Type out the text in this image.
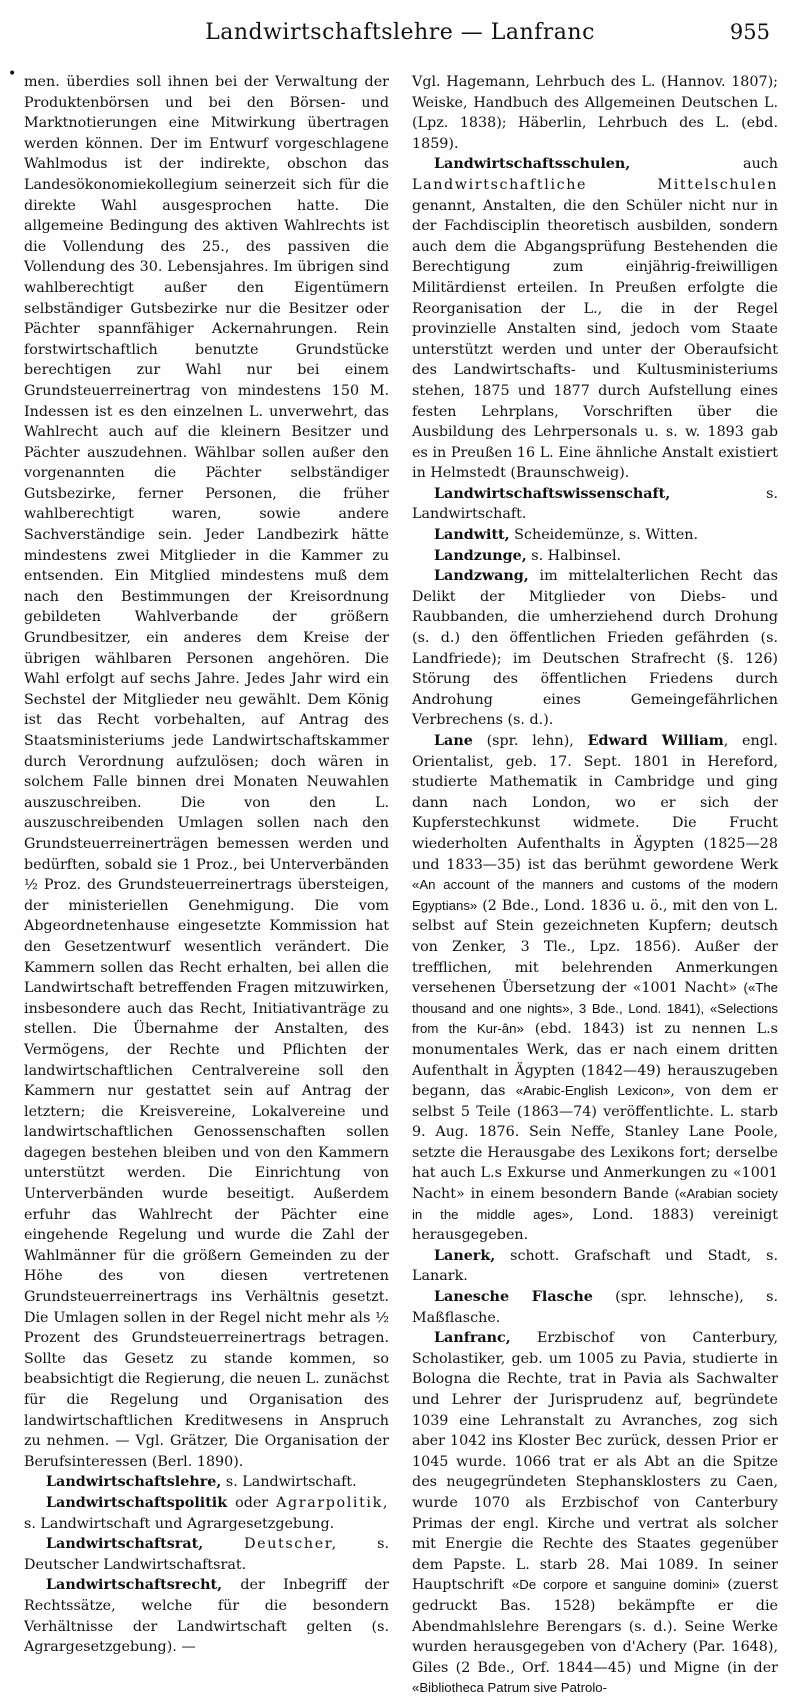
Landwirtschaftslehre — Lanfranc	955
• men. überdies soll ihnen bei der Verwaltung der Produktenbörsen und bei den Börsen- und Marktnotierungen eine Mitwirkung übertragen werden können. Der im Entwurf vorgeschlagene Wahlmodus ist der indirekte, obschon das Landesökonomiekollegium seinerzeit sich für die direkte Wahl ausgesprochen hatte. Die allgemeine Bedingung des aktiven Wahlrechts ist die Vollendung des 25., des passiven die Vollendung des 30. Lebensjahres. Im übrigen sind wahlberechtigt außer den Eigentümern selbständiger Gutsbezirke nur die Besitzer oder Pächter spannfähiger Ackernahrungen. Rein forstwirtschaftlich benutzte Grundstücke berechtigen zur Wahl nur bei einem Grundsteuerreinertrag von mindestens 150 M. Indessen ist es den einzelnen L. unverwehrt, das Wahlrecht auch auf die kleinern Besitzer und Pächter auszudehnen. Wählbar sollen außer den vorgenannten die Pächter selbständiger Gutsbezirke, ferner Personen, die früher wahlberechtigt waren, sowie andere Sachverständige sein. Jeder Landbezirk hätte mindestens zwei Mitglieder in die Kammer zu entsenden. Ein Mitglied mindestens muß dem nach den Bestimmungen der Kreisordnung gebildeten Wahlverbande der größern Grundbesitzer, ein anderes dem Kreise der übrigen wählbaren Personen angehören. Die Wahl erfolgt auf sechs Jahre. Jedes Jahr wird ein Sechstel der Mitglieder neu gewählt. Dem König ist das Recht vorbehalten, auf Antrag des Staatsministeriums jede Landwirtschaftskammer durch Verordnung aufzulösen; doch wären in solchem Falle binnen drei Monaten Neuwahlen auszuschreiben. Die von den L. auszuschreibenden Umlagen sollen nach den Grundsteuerreinerträgen bemessen werden und bedürften, sobald sie 1 Proz., bei Unterverbänden ½ Proz. des Grundsteuerreinertrags übersteigen, der ministeriellen Genehmigung. Die vom Abgeordnetenhause eingesetzte Kommission hat den Gesetzentwurf wesentlich verändert. Die Kammern sollen das Recht erhalten, bei allen die Landwirtschaft betreffenden Fragen mitzuwirken, insbesondere auch das Recht, Initiativanträge zu stellen. Die Übernahme der Anstalten, des Vermögens, der Rechte und Pflichten der landwirtschaftlichen Centralvereine soll den Kammern nur gestattet sein auf Antrag der letztern; die Kreisvereine, Lokalvereine und landwirtschaftlichen Genossenschaften sollen dagegen bestehen bleiben und von den Kammern unterstützt werden. Die Einrichtung von Unterverbänden wurde beseitigt. Außerdem erfuhr das Wahlrecht der Pächter eine eingehende Regelung und wurde die Zahl der Wahlmänner für die größern Gemeinden zu der Höhe des von diesen vertretenen Grundsteuerreinertrags ins Verhältnis gesetzt. Die Umlagen sollen in der Regel nicht mehr als ½ Prozent des Grundsteuerreinertrags betragen. Sollte das Gesetz zu stande kommen, so beabsichtigt die Regierung, die neuen L. zunächst für die Regelung und Organisation des landwirtschaftlichen Kreditwesens in Anspruch zu nehmen. — Vgl. Grätzer, Die Organisation der Berufsinteressen (Berl. 1890).

Landwirtschaftslehre, s. Landwirtschaft.

Landwirtschaftspolitik oder Agrarpolitik, s. Landwirtschaft und Agrargesetzgebung.

Landwirtschaftsrat, Deutscher, s. Deutscher Landwirtschaftsrat.

Landwirtschaftsrecht, der Inbegriff der Rechtssätze, welche für die besondern Verhältnisse der Landwirtschaft gelten (s. Agrargesetzgebung). —

Vgl. Hagemann, Lehrbuch des L. (Hannov. 1807); Weiske, Handbuch des Allgemeinen Deutschen L. (Lpz. 1838); Häberlin, Lehrbuch des L. (ebd. 1859).

Landwirtschaftsschulen, auch Landwirtschaftliche Mittelschulen genannt, Anstalten, die den Schüler nicht nur in der Fachdisciplin theoretisch ausbilden, sondern auch dem die Abgangsprüfung Bestehenden die Berechtigung zum einjährig-freiwilligen Militärdienst erteilen. In Preußen erfolgte die Reorganisation der L., die in der Regel provinzielle Anstalten sind, jedoch vom Staate unterstützt werden und unter der Oberaufsicht des Landwirtschafts- und Kultusministeriums stehen, 1875 und 1877 durch Aufstellung eines festen Lehrplans, Vorschriften über die Ausbildung des Lehrpersonals u. s. w. 1893 gab es in Preußen 16 L. Eine ähnliche Anstalt existiert in Helmstedt (Braunschweig).

Landwirtschaftswissenschaft, s. Landwirtschaft.

Landwitt, Scheidemünze, s. Witten.

Landzunge, s. Halbinsel.

Landzwang, im mittelalterlichen Recht das Delikt der Mitglieder von Diebs- und Raubbanden, die umherziehend durch Drohung (s. d.) den öffentlichen Frieden gefährden (s. Landfriede); im Deutschen Strafrecht (§. 126) Störung des öffentlichen Friedens durch Androhung eines Gemeingefährlichen Verbrechens (s. d.).

Lane (spr. lehn), Edward William, engl. Orientalist, geb. 17. Sept. 1801 in Hereford, studierte Mathematik in Cambridge und ging dann nach London, wo er sich der Kupferstechkunst widmete. Die Frucht wiederholten Aufenthalts in Ägypten (1825—28 und 1833—35) ist das berühmt gewordene Werk «An account of the manners and customs of the modern Egyptians» (2 Bde., Lond. 1836 u. ö., mit den von L. selbst auf Stein gezeichneten Kupfern; deutsch von Zenker, 3 Tle., Lpz. 1856). Außer der trefflichen, mit belehrenden Anmerkungen versehenen Übersetzung der «1001 Nacht» («The thousand and one nights», 3 Bde., Lond. 1841), «Selections from the Kur-ân» (ebd. 1843) ist zu nennen L.s monumentales Werk, das er nach einem dritten Aufenthalt in Ägypten (1842—49) herauszugeben begann, das «Arabic-English Lexicon», von dem er selbst 5 Teile (1863—74) veröffentlichte. L. starb 9. Aug. 1876. Sein Neffe, Stanley Lane Poole, setzte die Herausgabe des Lexikons fort; derselbe hat auch L.s Exkurse und Anmerkungen zu «1001 Nacht» in einem besondern Bande («Arabian society in the middle ages», Lond. 1883) vereinigt herausgegeben.

Lanerk, schott. Grafschaft und Stadt, s. Lanark.

Lanesche Flasche (spr. lehnsche), s. Maßflasche.

Lanfranc, Erzbischof von Canterbury, Scholastiker, geb. um 1005 zu Pavia, studierte in Bologna die Rechte, trat in Pavia als Sachwalter und Lehrer der Jurisprudenz auf, begründete 1039 eine Lehranstalt zu Avranches, zog sich aber 1042 ins Kloster Bec zurück, dessen Prior er 1045 wurde. 1066 trat er als Abt an die Spitze des neugegründeten Stephansklosters zu Caen, wurde 1070 als Erzbischof von Canterbury Primas der engl. Kirche und vertrat als solcher mit Energie die Rechte des Staates gegenüber dem Papste. L. starb 28. Mai 1089. In seiner Hauptschrift «De corpore et sanguine domini» (zuerst gedruckt Bas. 1528) bekämpfte er die Abendmahlslehre Berengars (s. d.). Seine Werke wurden herausgegeben von d'Achery (Par. 1648), Giles (2 Bde., Orf. 1844—45) und Migne (in der «Bibliotheca Patrum sive Patrolo-
